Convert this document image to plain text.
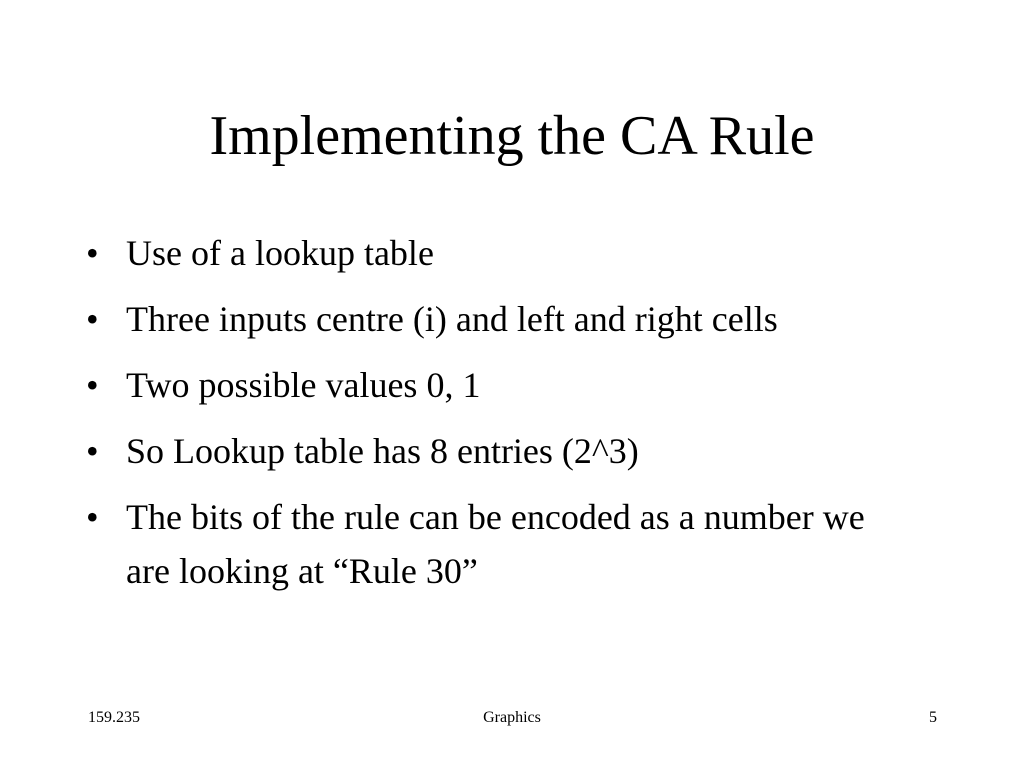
Implementing the CA Rule
• Use of a lookup table
• Three inputs centre (i) and left and right cells
• Two possible values 0, 1
• So Lookup table has 8 entries (2^3)
• The bits of the rule can be encoded as a number we are looking at “Rule 30”
159.235	Graphics	5
